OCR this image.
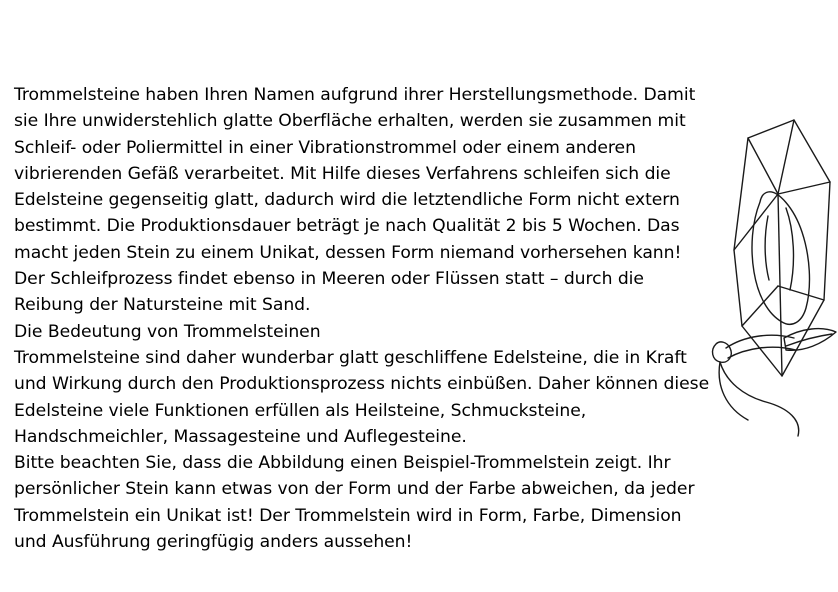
Trommelsteine haben Ihren Namen aufgrund ihrer Herstellungsmethode. Damit sie Ihre unwiderstehlich glatte Oberfläche erhalten, werden sie zusammen mit Schleif- oder Poliermittel in einer Vibrationstrommel oder einem anderen vibrierenden Gefäß verarbeitet. Mit Hilfe dieses Verfahrens schleifen sich die Edelsteine gegenseitig glatt, dadurch wird die letztendliche Form nicht extern bestimmt. Die Produktionsdauer beträgt je nach Qualität 2 bis 5 Wochen. Das macht jeden Stein zu einem Unikat, dessen Form niemand vorhersehen kann!  Der Schleifprozess findet ebenso in Meeren oder Flüssen statt – durch die Reibung der Natursteine mit Sand.

Die Bedeutung von Trommelsteinen

Trommelsteine sind daher wunderbar glatt geschliffene Edelsteine, die in Kraft und Wirkung durch den Produktionsprozess nichts einbüßen. Daher können diese Edelsteine viele Funktionen erfüllen als Heilsteine, Schmucksteine, Handschmeichler, Massagesteine und Auflegesteine.

Bitte beachten Sie, dass die Abbildung einen Beispiel-Trommelstein zeigt. Ihr persönlicher Stein kann etwas von der Form und der Farbe abweichen, da jeder Trommelstein ein Unikat ist! Der Trommelstein wird in Form, Farbe, Dimension und Ausführung geringfügig anders aussehen!
